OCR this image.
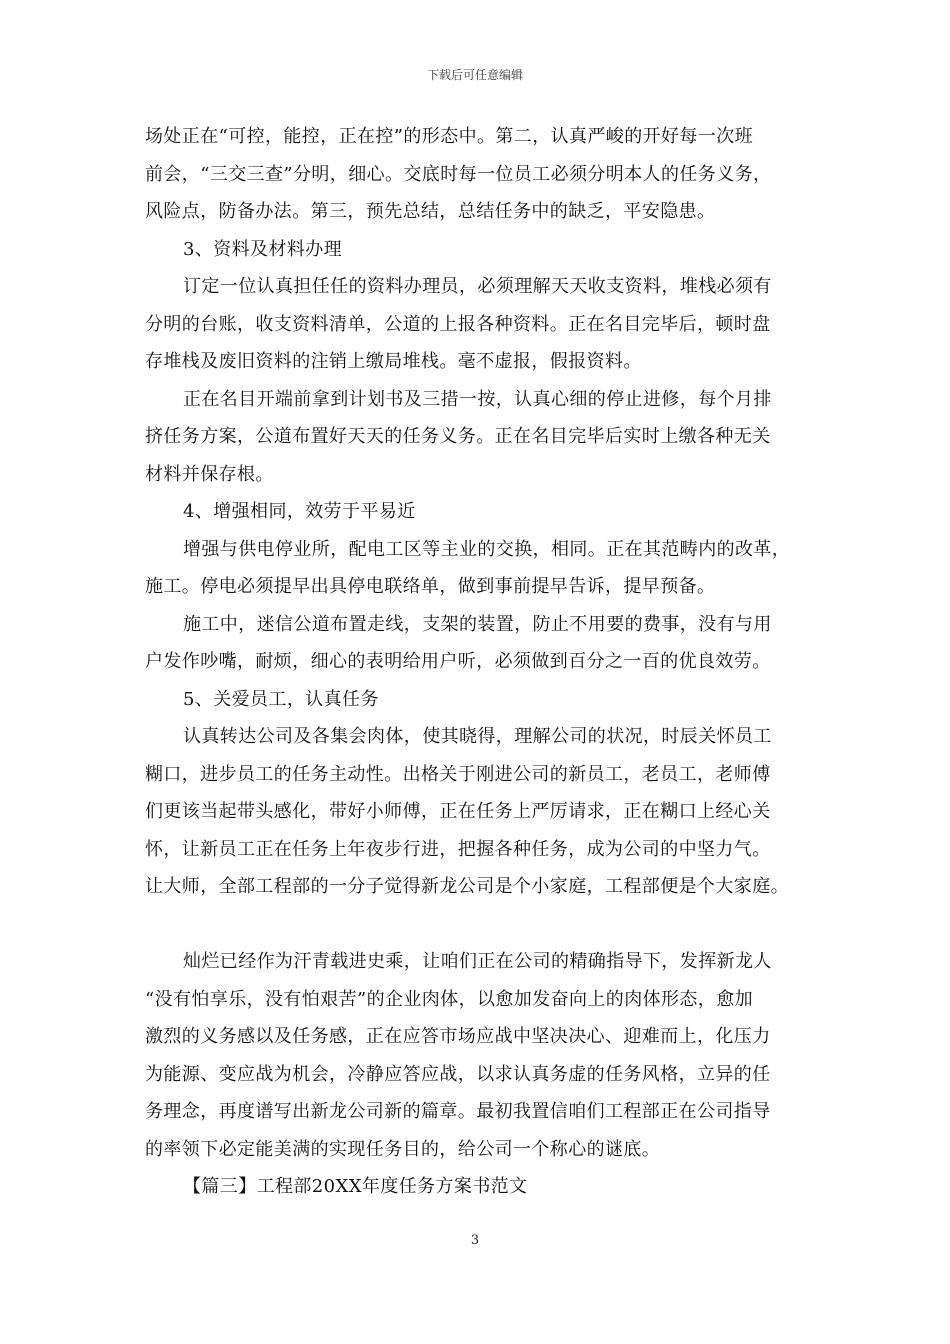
下载后可任意编辑
场处正在“可控，能控，正在控”的形态中。第二，认真严峻的开好每一次班
前会，“三交三查”分明，细心。交底时每一位员工必须分明本人的任务义务，
风险点，防备办法。第三，预先总结，总结任务中的缺乏，平安隐患。
3、资料及材料办理
订定一位认真担任任的资料办理员，必须理解天天收支资料，堆栈必须有
分明的台账，收支资料清单，公道的上报各种资料。正在名目完毕后，顿时盘
存堆栈及废旧资料的注销上缴局堆栈。毫不虚报，假报资料。
正在名目开端前拿到计划书及三措一按，认真心细的停止进修，每个月排
挤任务方案，公道布置好天天的任务义务。正在名目完毕后实时上缴各种无关
材料并保存根。
4、增强相同，效劳于平易近
增强与供电停业所，配电工区等主业的交换，相同。正在其范畴内的改革，
施工。停电必须提早出具停电联络单，做到事前提早告诉，提早预备。
施工中，迷信公道布置走线，支架的装置，防止不用要的费事，没有与用
户发作吵嘴，耐烦，细心的表明给用户听，必须做到百分之一百的优良效劳。
5、关爱员工，认真任务
认真转达公司及各集会肉体，使其晓得，理解公司的状况，时辰关怀员工
糊口，进步员工的任务主动性。出格关于刚进公司的新员工，老员工，老师傅
们更该当起带头感化，带好小师傅，正在任务上严厉请求，正在糊口上经心关
怀，让新员工正在任务上年夜步行进，把握各种任务，成为公司的中坚力气。
让大师，全部工程部的一分子觉得新龙公司是个小家庭，工程部便是个大家庭。
灿烂已经作为汗青载进史乘，让咱们正在公司的精确指导下，发挥新龙人
“没有怕享乐，没有怕艰苦”的企业肉体，以愈加发奋向上的肉体形态，愈加
激烈的义务感以及任务感，正在应答市场应战中坚决决心、迎难而上，化压力
为能源、变应战为机会，冷静应答应战，以求认真务虚的任务风格，立异的任
务理念，再度谱写出新龙公司新的篇章。最初我置信咱们工程部正在公司指导
的率领下必定能美满的实现任务目的，给公司一个称心的谜底。
【篇三】工程部20XX年度任务方案书范文
3
